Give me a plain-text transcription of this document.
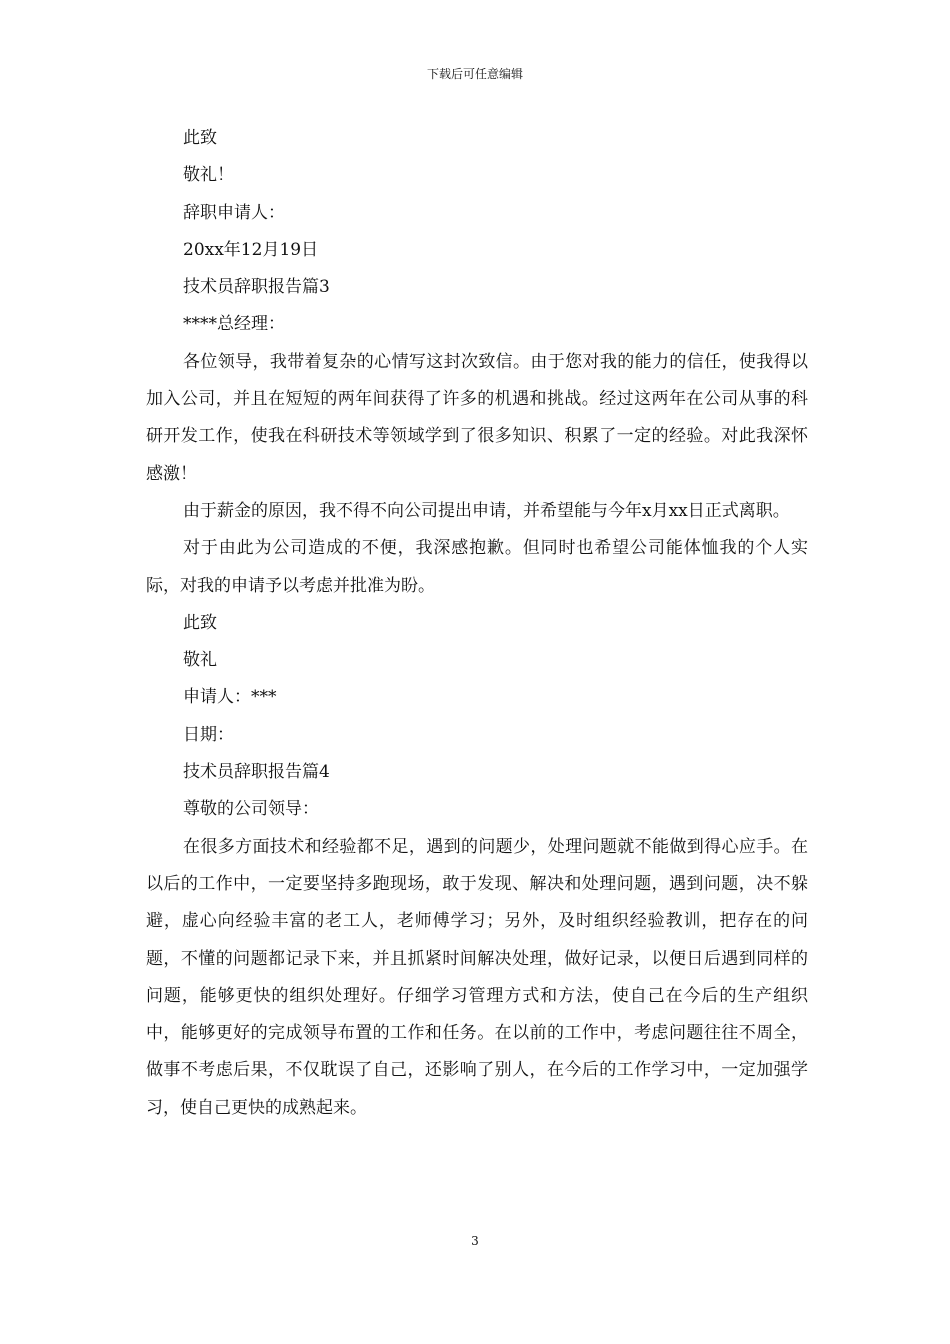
下载后可任意编辑

此致

敬礼！

辞职申请人：

20xx年12月19日

技术员辞职报告篇3

****总经理：

各位领导，我带着复杂的心情写这封次致信。由于您对我的能力的信任，使我得以加入公司，并且在短短的两年间获得了许多的机遇和挑战。经过这两年在公司从事的科研开发工作，使我在科研技术等领域学到了很多知识、积累了一定的经验。对此我深怀感激！

由于薪金的原因，我不得不向公司提出申请，并希望能与今年x月xx日正式离职。

对于由此为公司造成的不便，我深感抱歉。但同时也希望公司能体恤我的个人实际，对我的申请予以考虑并批准为盼。

此致

敬礼

申请人：***

日期：

技术员辞职报告篇4

尊敬的公司领导：

在很多方面技术和经验都不足，遇到的问题少，处理问题就不能做到得心应手。在以后的工作中，一定要坚持多跑现场，敢于发现、解决和处理问题，遇到问题，决不躲避，虚心向经验丰富的老工人，老师傅学习；另外，及时组织经验教训，把存在的问题，不懂的问题都记录下来，并且抓紧时间解决处理，做好记录，以便日后遇到同样的问题，能够更快的组织处理好。仔细学习管理方式和方法，使自己在今后的生产组织中，能够更好的完成领导布置的工作和任务。在以前的工作中，考虑问题往往不周全，做事不考虑后果，不仅耽误了自己，还影响了别人，在今后的工作学习中，一定加强学习，使自己更快的成熟起来。

3
